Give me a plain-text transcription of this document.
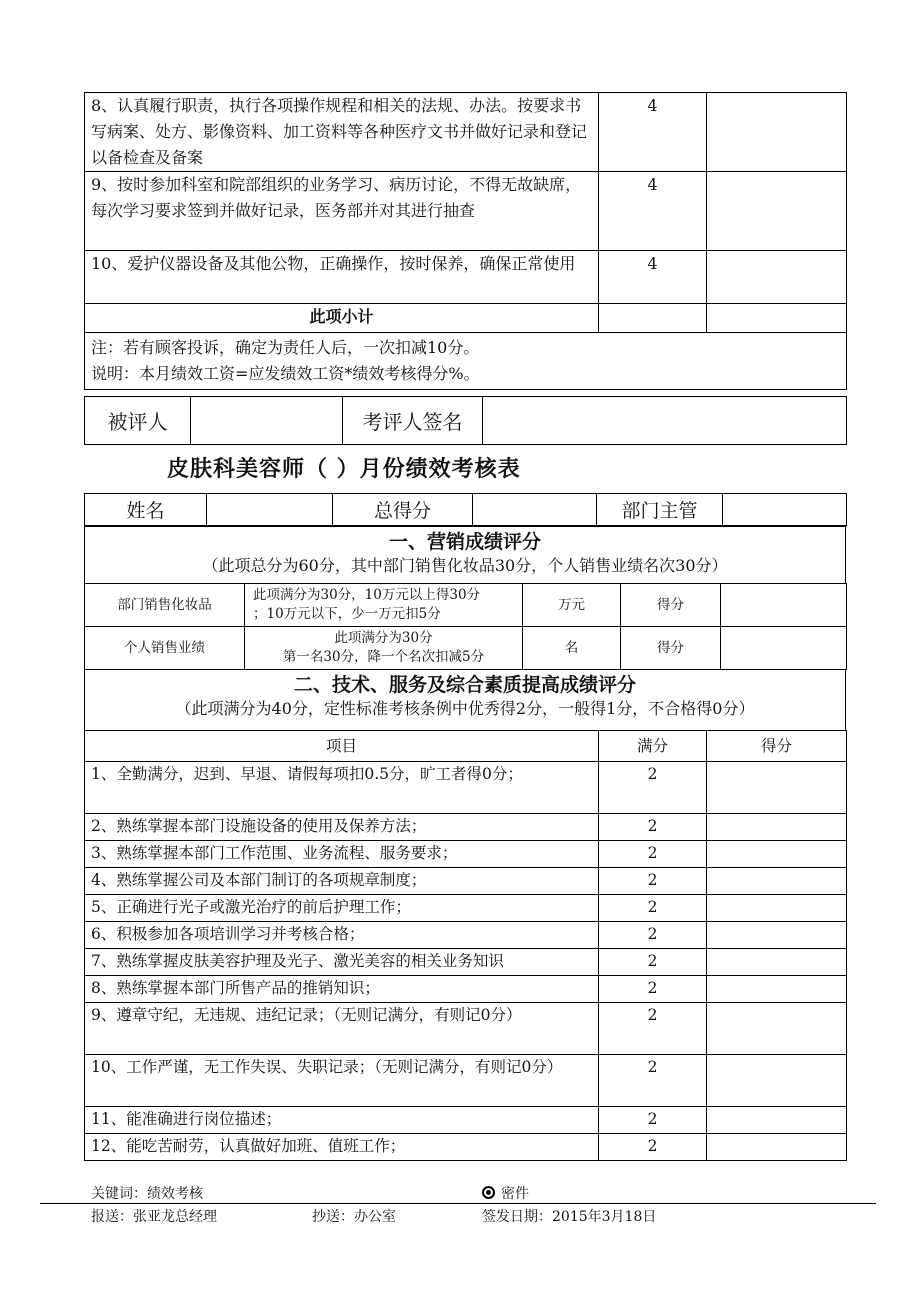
8、认真履行职责，执行各项操作规程和相关的法规、办法。按要求书写病案、处方、影像资料、加工资料等各种医疗文书并做好记录和登记以备检查及备案	4	
9、按时参加科室和院部组织的业务学习、病历讨论，不得无故缺席，每次学习要求签到并做好记录，医务部并对其进行抽查	4	
10、爱护仪器设备及其他公物，正确操作，按时保养，确保正常使用	4	
此项小计		

注：若有顾客投诉，确定为责任人后，一次扣减10分。
说明：本月绩效工资=应发绩效工资*绩效考核得分%。		
被评人		考评人签名	
皮肤科美容师（ ）月份绩效考核表
姓名		总得分		部门主管	
一、营销成绩评分
（此项总分为60分，其中部门销售化妆品30分，个人销售业绩名次30分）
部门销售化妆品	此项满分为30分，10万元以上得30分
；10万元以下，少一万元扣5分	万元	得分	
个人销售业绩	此项满分为30分
第一名30分，降一个名次扣减5分	名	得分	
二、技术、服务及综合素质提高成绩评分
（此项满分为40分，定性标准考核条例中优秀得2分，一般得1分，不合格得0分）
项目	满分	得分
1、全勤满分，迟到、早退、请假每项扣0.5分，旷工者得0分；	2	
2、熟练掌握本部门设施设备的使用及保养方法；	2	
3、熟练掌握本部门工作范围、业务流程、服务要求；	2	
4、熟练掌握公司及本部门制订的各项规章制度；	2	
5、正确进行光子或激光治疗的前后护理工作；	2	
6、积极参加各项培训学习并考核合格；	2	
7、熟练掌握皮肤美容护理及光子、激光美容的相关业务知识	2	
8、熟练掌握本部门所售产品的推销知识；	2	
9、遵章守纪，无违规、违纪记录；（无则记满分，有则记0分）	2	
10、工作严谨，无工作失误、失职记录；（无则记满分，有则记0分）	2	
11、能准确进行岗位描述；	2	
12、能吃苦耐劳，认真做好加班、值班工作；	2	
关键词：绩效考核	密件
报送：张亚龙总经理	抄送：办公室	签发日期：2015年3月18日
